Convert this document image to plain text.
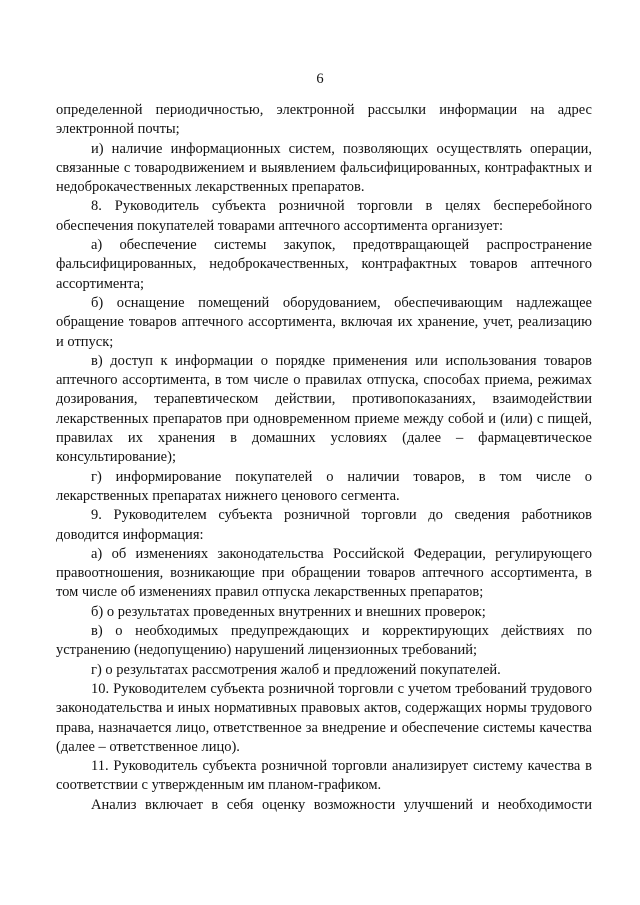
6

определенной периодичностью, электронной рассылки информации на адрес электронной почты;

и) наличие информационных систем, позволяющих осуществлять операции, связанные с товародвижением и выявлением фальсифицированных, контрафактных и недоброкачественных лекарственных препаратов.

8. Руководитель субъекта розничной торговли в целях бесперебойного обеспечения покупателей товарами аптечного ассортимента организует:

а) обеспечение системы закупок, предотвращающей распространение фальсифицированных, недоброкачественных, контрафактных товаров аптечного ассортимента;

б) оснащение помещений оборудованием, обеспечивающим надлежащее обращение товаров аптечного ассортимента, включая их хранение, учет, реализацию и отпуск;

в) доступ к информации о порядке применения или использования товаров аптечного ассортимента, в том числе о правилах отпуска, способах приема, режимах дозирования, терапевтическом действии, противопоказаниях, взаимодействии лекарственных препаратов при одновременном приеме между собой и (или) с пищей, правилах их хранения в домашних условиях (далее – фармацевтическое консультирование);

г) информирование покупателей о наличии товаров, в том числе о лекарственных препаратах нижнего ценового сегмента.

9. Руководителем субъекта розничной торговли до сведения работников доводится информация:

а) об изменениях законодательства Российской Федерации, регулирующего правоотношения, возникающие при обращении товаров аптечного ассортимента, в том числе об изменениях правил отпуска лекарственных препаратов;

б) о результатах проведенных внутренних и внешних проверок;

в) о необходимых предупреждающих и корректирующих действиях по устранению (недопущению) нарушений лицензионных требований;

г) о результатах рассмотрения жалоб и предложений покупателей.

10. Руководителем субъекта розничной торговли с учетом требований трудового законодательства и иных нормативных правовых актов, содержащих нормы трудового права, назначается лицо, ответственное за внедрение и обеспечение системы качества (далее – ответственное лицо).

11. Руководитель субъекта розничной торговли анализирует систему качества в соответствии с утвержденным им планом-графиком.

Анализ включает в себя оценку возможности улучшений и необходимости
